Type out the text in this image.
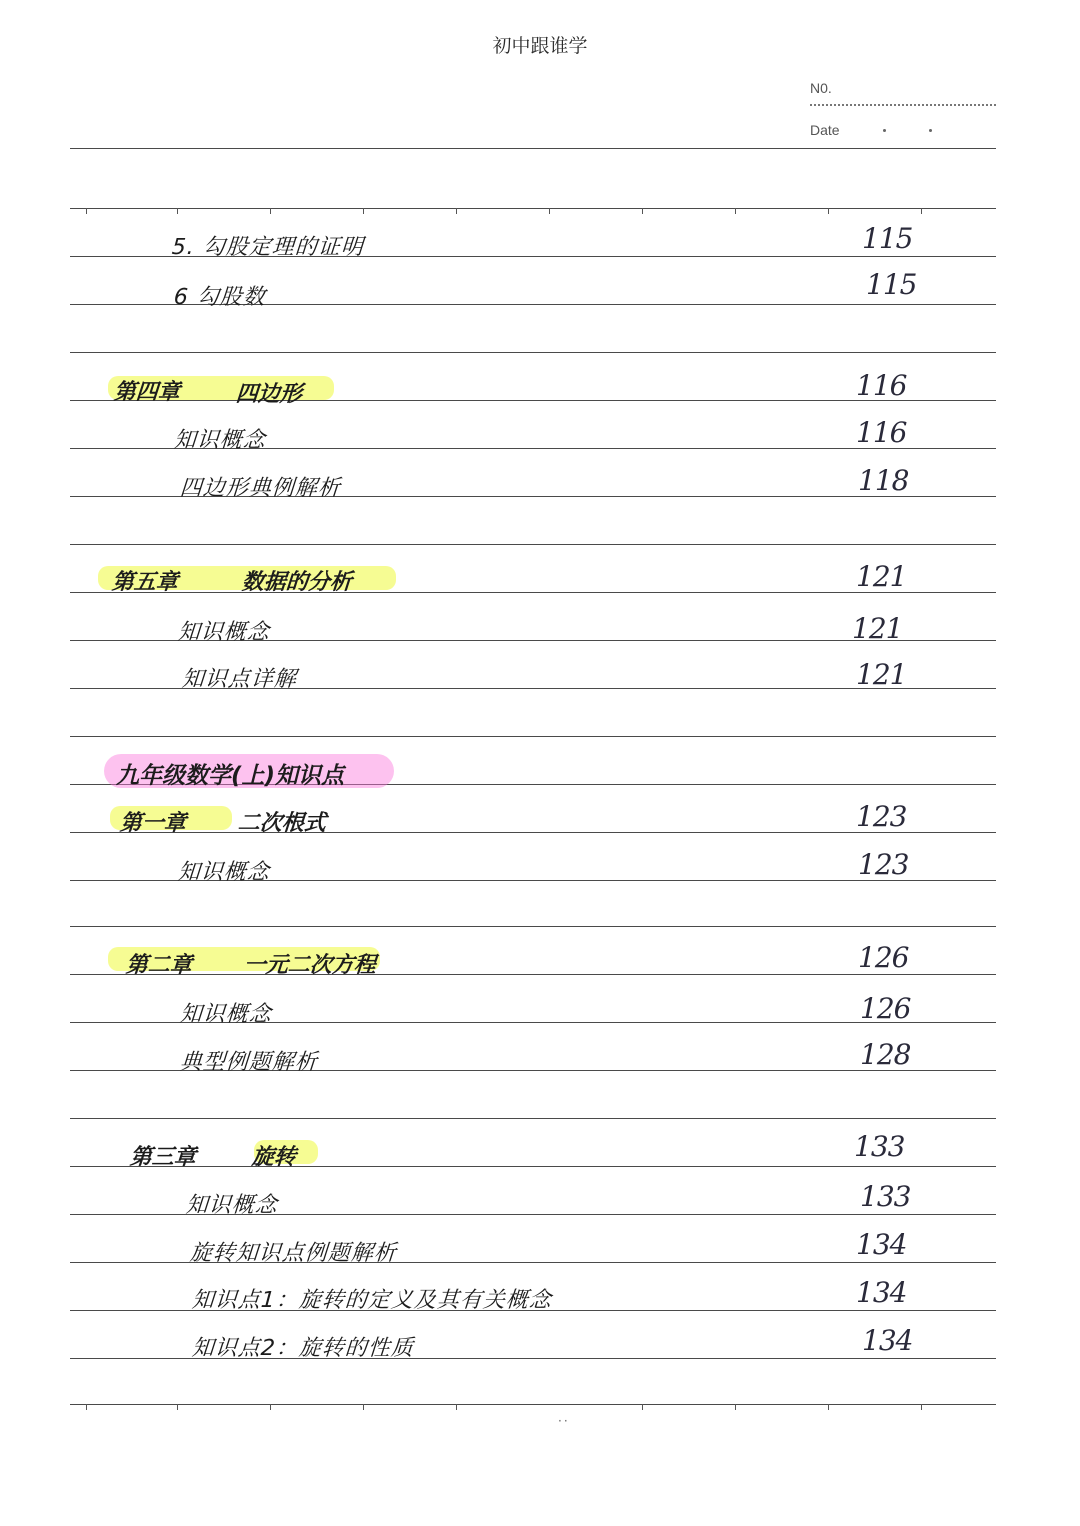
初中跟谁学
N0.
Date
5. 勾股定理的证明	115
6 勾股数	115
第四章 四边形	116
知识概念	116
四边形典例解析	118
第五章	数据的分析	121
知识概念	121
知识点详解	121
九年级数学(上)知识点
第一章 二次根式	123
知识概念	123
第二章 一元二次方程	126
知识概念	126
典型例题解析	128
第三章 旋转	133
知识概念	133
旋转知识点例题解析	134
知识点1：旋转的定义及其有关概念	134
知识点2：旋转的性质	134
··
